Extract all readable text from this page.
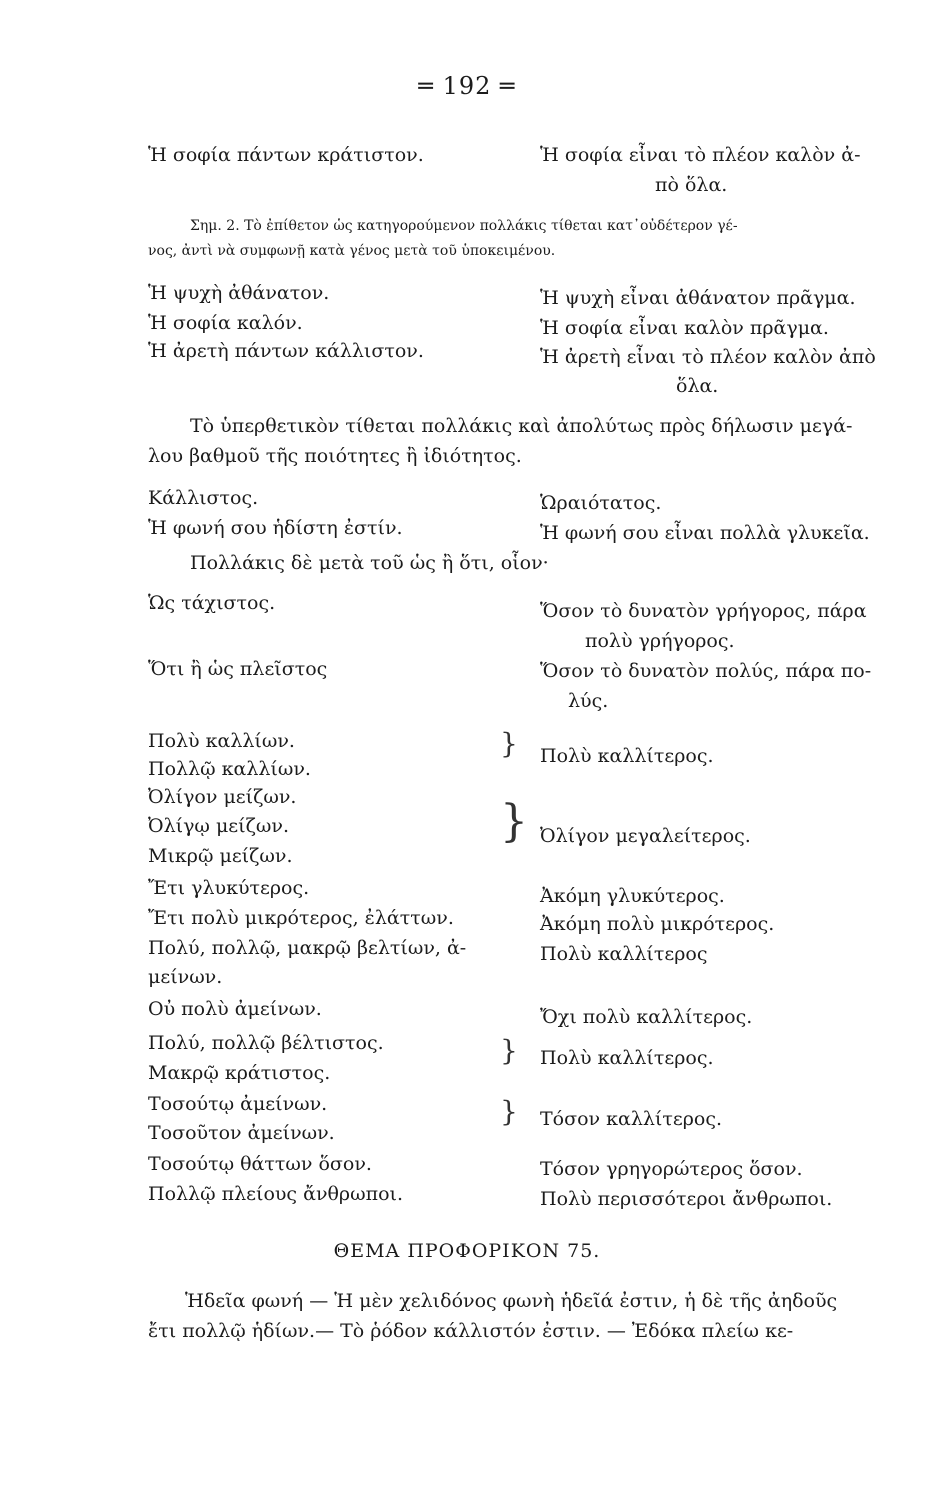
═ 192 ═
Ἡ σοφία πάντων κράτιστον.	Ἡ σοφία εἶναι τὸ πλέον καλὸν ἀ-
πὸ ὅλα.
Σημ. 2. Τὸ ἐπίθετον ὡς κατηγορούμενον πολλάκις τίθεται κατ᾽οὐδέτερον γέ-
νος, ἀντὶ νὰ συμφωνῇ κατὰ γένος μετὰ τοῦ ὑποκειμένου.
Ἡ ψυχὴ ἀθάνατον.	Ἡ ψυχὴ εἶναι ἀθάνατον πρᾶγμα.
Ἡ σοφία καλόν.	Ἡ σοφία εἶναι καλὸν πρᾶγμα.
Ἡ ἀρετὴ πάντων κάλλιστον.	Ἡ ἀρετὴ εἶναι τὸ πλέον καλὸν ἀπὸ
ὅλα.
Τὸ ὑπερθετικὸν τίθεται πολλάκις καὶ ἀπολύτως πρὸς δήλωσιν μεγά-
λου βαθμοῦ τῆς ποιότητες ἢ ἰδιότητος.
Κάλλιστος.	Ὡραιότατος.
Ἡ φωνή σου ἡδίστη ἐστίν.	Ἡ φωνή σου εἶναι πολλὰ γλυκεῖα.
Πολλάκις δὲ μετὰ τοῦ ὡς ἢ ὅτι, οἷον·
Ὡς τάχιστος.	Ὅσον τὸ δυνατὸν γρήγορος, πάρα
πολὺ γρήγορος.
Ὅτι ἢ ὡς πλεῖστος	Ὅσον τὸ δυνατὸν πολύς, πάρα πο-
λύς.
Πολὺ καλλίων.
Πολλῷ καλλίων.
} Πολὺ καλλίτερος.
Ὀλίγον μείζων.
Ὀλίγῳ μείζων.
Μικρῷ μείζων.
} Ὀλίγον μεγαλείτερος.
Ἔτι γλυκύτερος.	Ἀκόμη γλυκύτερος.
Ἔτι πολὺ μικρότερος, ἐλάττων.	Ἀκόμη πολὺ μικρότερος.
Πολύ, πολλῷ, μακρῷ βελτίων, ἀ-	Πολὺ καλλίτερος
μείνων.
Οὐ πολὺ ἀμείνων.	Ὄχι πολὺ καλλίτερος.
Πολύ, πολλῷ βέλτιστος.
Μακρῷ κράτιστος.
} Πολὺ καλλίτερος.
Τοσούτῳ ἀμείνων.
Τοσοῦτον ἀμείνων.
} Τόσον καλλίτερος.
Τοσούτῳ θάττων ὅσον.	Τόσον γρηγορώτερος ὅσον.
Πολλῷ πλείους ἄνθρωποι.	Πολὺ περισσότεροι ἄνθρωποι.
ΘΕΜΑ ΠΡΟΦΟΡΙΚΟΝ 75.
Ἡδεῖα φωνή — Ἡ μὲν χελιδόνος φωνὴ ἡδεῖά ἐστιν, ἡ δὲ τῆς ἀηδοῦς
ἔτι πολλῷ ἡδίων.— Τὸ ῥόδον κάλλιστόν ἐστιν. — Ἐδόκα πλείω κε-
